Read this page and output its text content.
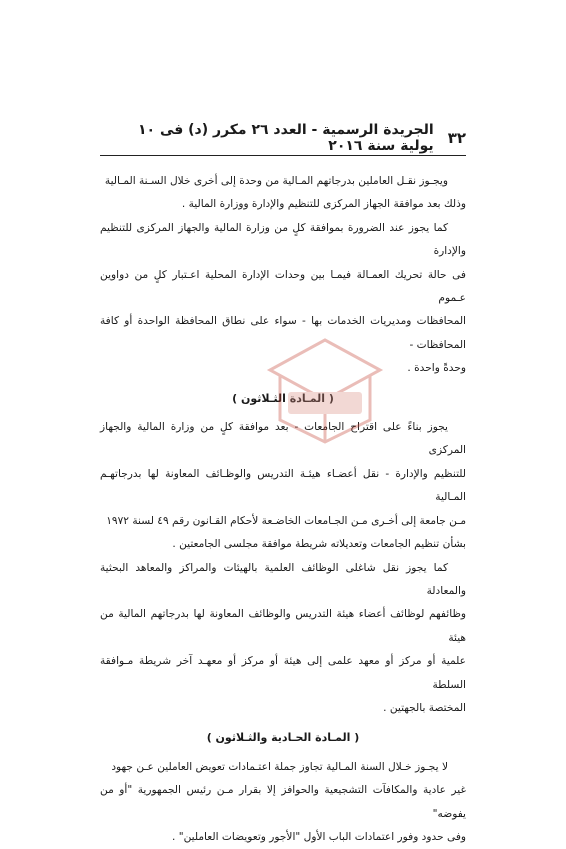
٣٢
الجريدة الرسمية - العدد ٢٦ مكرر (د) فى ١٠ يولية سنة ٢٠١٦

ويجـوز نقـل العاملين بدرجاتهم المـالية من وحدة إلى أخرى خلال السـنة المـالية
وذلك بعد موافقة الجهاز المركزى للتنظيم والإدارة ووزارة المالية .

كما يجوز عند الضرورة بموافقة كلٍ من وزارة المالية والجهاز المركزى للتنظيم والإدارة
فى حالة تحريك العمـالة فيمـا بين وحدات الإدارة المحلية اعـتبار كلٍ من دواوين عـموم
المحافظات ومديريات الخدمات بها - سواء على نطاق المحافظة الواحدة أو كافة المحافظات -
وحدةً واحدة .

( المـادة الثـلاثون )

يجوز بناءً على اقتراح الجامعات - بعد موافقة كلٍ من وزارة المالية والجهاز المركزى
للتنظيم والإدارة - نقل أعضـاء هيئـة التدريس والوظـائف المعاونة لها بدرجاتهـم المـالية
مـن جامعة إلى أخـرى مـن الجـامعات الخاضـعة لأحكام القـانون رقم ٤٩ لسنة ١٩٧٢
بشأن تنظيم الجامعات وتعديلاته شريطة موافقة مجلسى الجامعتين .

كما يجوز نقل شاغلى الوظائف العلمية بالهيئات والمراكز والمعاهد البحثية والمعادلة
وظائفهم لوظائف أعضاء هيئة التدريس والوظائف المعاونة لها بدرجاتهم المالية من هيئة
علمية أو مركز أو معهد علمى إلى هيئة أو مركز أو معهـد آخر شريطة مـوافقة السلطة
المختصة بالجهتين .

( المـادة الحـادية والثـلاثون )

لا يجـوز خـلال السنة المـالية تجاوز جملة اعتـمادات تعويض العاملين عـن جهود
غير عادية والمكافآت التشجيعية والحوافز إلا بقرار مـن رئيس الجمهورية "أو من يفوضه"
وفى حدود وفور اعتمادات الباب الأول "الأجور وتعويضات العاملين" .
